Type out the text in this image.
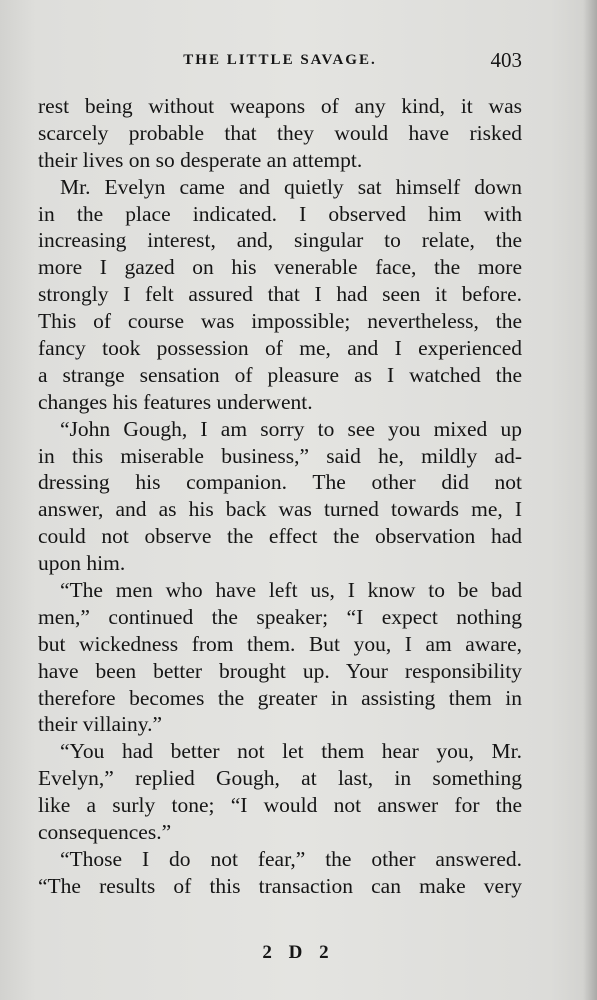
THE LITTLE SAVAGE.	403
rest being without weapons of any kind, it was
scarcely probable that they would have risked
their lives on so desperate an attempt.
Mr. Evelyn came and quietly sat himself down
in the place indicated. I observed him with
increasing interest, and, singular to relate, the
more I gazed on his venerable face, the more
strongly I felt assured that I had seen it before.
This of course was impossible; nevertheless, the
fancy took possession of me, and I experienced
a strange sensation of pleasure as I watched the
changes his features underwent.
“John Gough, I am sorry to see you mixed up
in this miserable business,” said he, mildly ad-
dressing his companion. The other did not
answer, and as his back was turned towards me, I
could not observe the effect the observation had
upon him.
“The men who have left us, I know to be bad
men,” continued the speaker; “I expect nothing
but wickedness from them. But you, I am aware,
have been better brought up. Your responsibility
therefore becomes the greater in assisting them in
their villainy.”
“You had better not let them hear you, Mr.
Evelyn,” replied Gough, at last, in something
like a surly tone; “I would not answer for the
consequences.”
“Those I do not fear,” the other answered.
“The results of this transaction can make very
2 D 2
